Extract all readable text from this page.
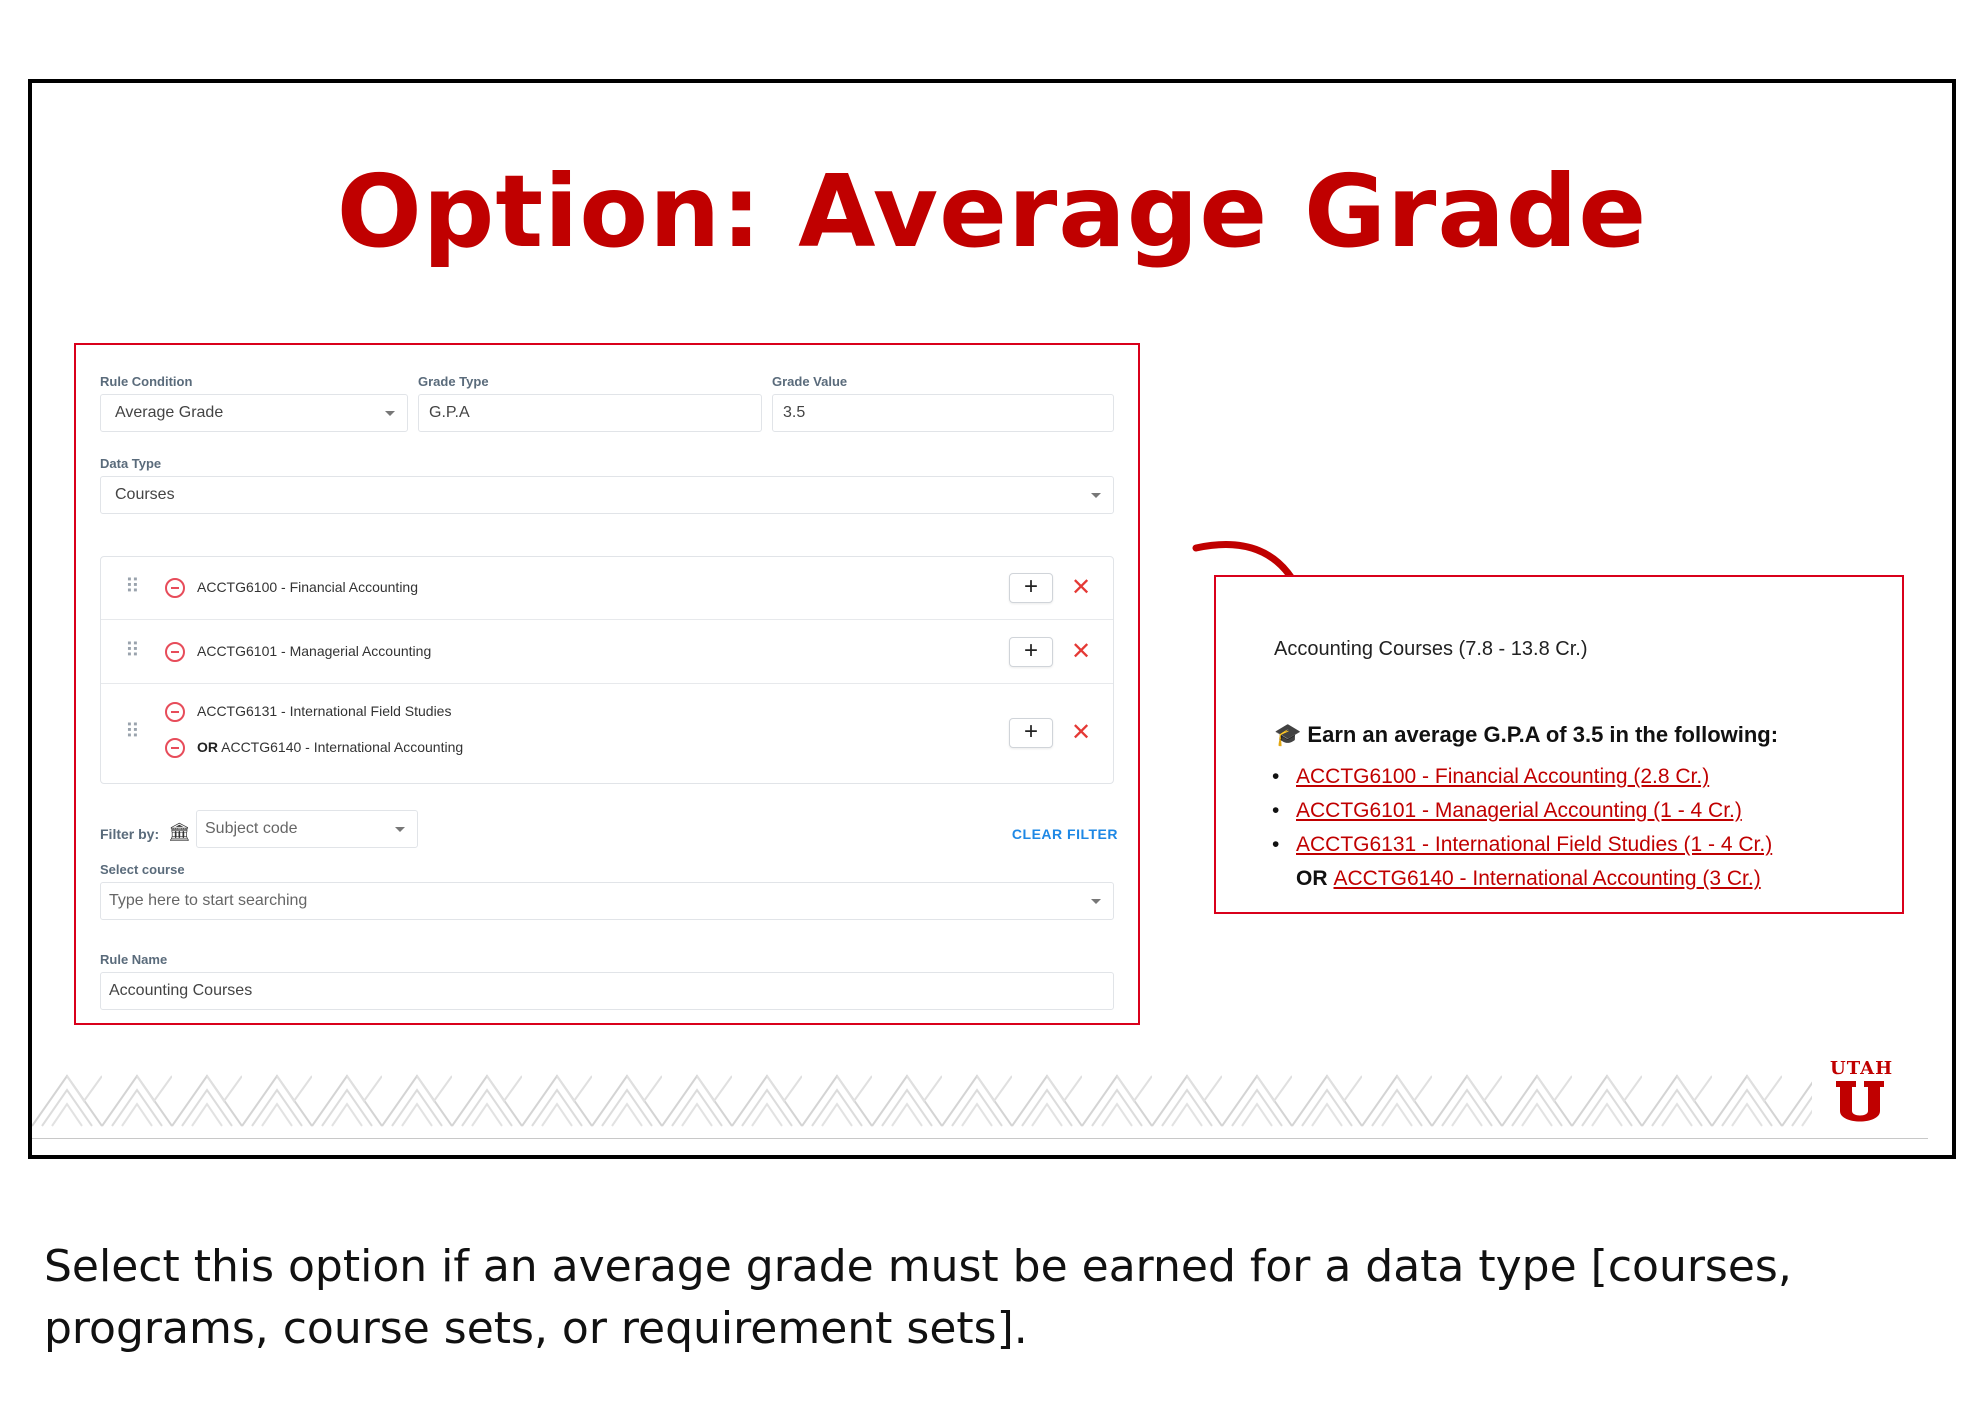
Option: Average Grade
Rule Condition
Average Grade
Grade Type
G.P.A
Grade Value
3.5
Data Type
Courses
⠿	ACCTG6100 - Financial Accounting	+	✕
⠿	ACCTG6101 - Managerial Accounting	+	✕
⠿
ACCTG6131 - International Field Studies
OR ACCTG6140 - International Accounting
+	✕
Filter by: 🏛 Subject code	CLEAR FILTER
Select course
Type here to start searching
Rule Name
Accounting Courses
Accounting Courses (7.8 - 13.8 Cr.)
🎓 Earn an average G.P.A of 3.5 in the following:
• ACCTG6100 - Financial Accounting (2.8 Cr.)
• ACCTG6101 - Managerial Accounting (1 - 4 Cr.)
• ACCTG6131 - International Field Studies (1 - 4 Cr.)
OR ACCTG6140 - International Accounting (3 Cr.)
UTAH
Select this option if an average grade must be earned for a data type [courses, programs, course sets, or requirement sets].
